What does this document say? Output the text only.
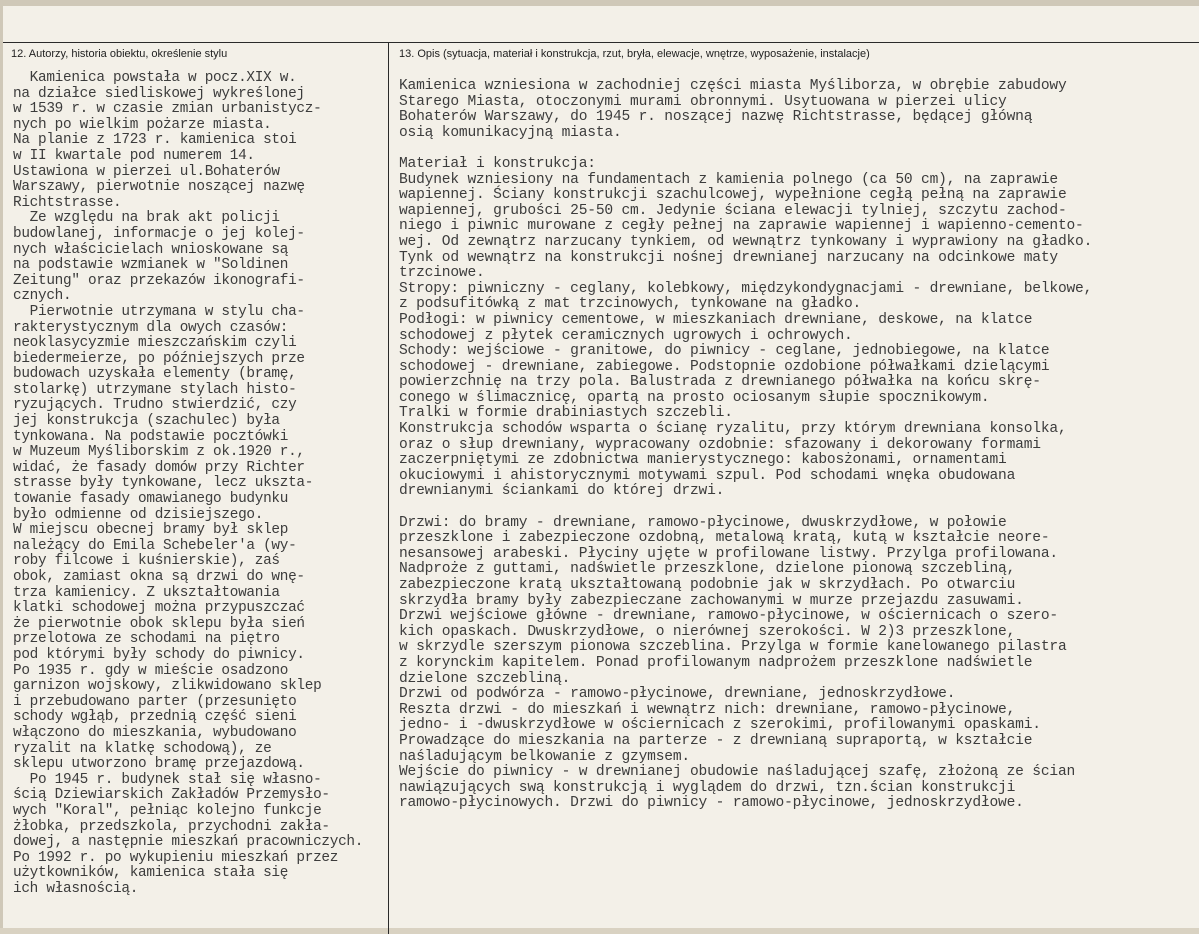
12. Autorzy, historia obiektu, określenie stylu	13. Opis (sytuacja, materiał i konstrukcja, rzut, bryła, elewacje, wnętrze, wyposażenie, instalacje)
Kamienica powstała w pocz.XIX w.
na działce siedliskowej wykreślonej
w 1539 r. w czasie zmian urbanistycz-
nych po wielkim pożarze miasta.
Na planie z 1723 r. kamienica stoi
w II kwartale pod numerem 14.
Ustawiona w pierzei ul.Bohaterów
Warszawy, pierwotnie noszącej nazwę
Richtstrasse.
Ze względu na brak akt policji
budowlanej, informacje o jej kolej-
nych właścicielach wnioskowane są
na podstawie wzmianek w "Soldinen
Zeitung" oraz przekazów ikonografi-
cznych.
Pierwotnie utrzymana w stylu cha-
rakterystycznym dla owych czasów:
neoklasycyzmie mieszczańskim czyli
biedermeierze, po późniejszych prze
budowach uzyskała elementy (bramę,
stolarkę) utrzymane stylach histo-
ryzujących. Trudno stwierdzić, czy
jej konstrukcja (szachulec) była
tynkowana. Na podstawie pocztówki
w Muzeum Myśliborskim z ok.1920 r.,
widać, że fasady domów przy Richter
strasse były tynkowane, lecz ukszta-
towanie fasady omawianego budynku
było odmienne od dzisiejszego.
W miejscu obecnej bramy był sklep
należący do Emila Schebeler'a (wy-
roby filcowe i kuśnierskie), zaś
obok, zamiast okna są drzwi do wnę-
trza kamienicy. Z ukształtowania
klatki schodowej można przypuszczać
że pierwotnie obok sklepu była sień
przelotowa ze schodami na piętro
pod którymi były schody do piwnicy.
Po 1935 r. gdy w mieście osadzono
garnizon wojskowy, zlikwidowano sklep
i przebudowano parter (przesunięto
schody wgłąb, przednią część sieni
włączono do mieszkania, wybudowano
ryzalit na klatkę schodową), ze
sklepu utworzono bramę przejazdową.
Po 1945 r. budynek stał się własno-
ścią Dziewiarskich Zakładów Przemysło-
wych "Koral", pełniąc kolejno funkcje
żłobka, przedszkola, przychodni zakła-
dowej, a następnie mieszkań pracowniczych.
Po 1992 r. po wykupieniu mieszkań przez
użytkowników, kamienica stała się
ich własnością.
Kamienica wzniesiona w zachodniej części miasta Myśliborza, w obrębie zabudowy
Starego Miasta, otoczonymi murami obronnymi. Usytuowana w pierzei ulicy
Bohaterów Warszawy, do 1945 r. noszącej nazwę Richtstrasse, będącej główną
osią komunikacyjną miasta.

Materiał i konstrukcja:
Budynek wzniesiony na fundamentach z kamienia polnego (ca 50 cm), na zaprawie
wapiennej. Ściany konstrukcji szachulcowej, wypełnione cegłą pełną na zaprawie
wapiennej, grubości 25-50 cm. Jedynie ściana elewacji tylniej, szczytu zachod-
niego i piwnic murowane z cegły pełnej na zaprawie wapiennej i wapienno-cemento-
wej. Od zewnątrz narzucany tynkiem, od wewnątrz tynkowany i wyprawiony na gładko.
Tynk od wewnątrz na konstrukcji nośnej drewnianej narzucany na odcinkowe maty
trzcinowe.
Stropy: piwniczny - ceglany, kolebkowy, międzykondygnacjami - drewniane, belkowe,
z podsufitówką z mat trzcinowych, tynkowane na gładko.
Podłogi: w piwnicy cementowe, w mieszkaniach drewniane, deskowe, na klatce
schodowej z płytek ceramicznych ugrowych i ochrowych.
Schody: wejściowe - granitowe, do piwnicy - ceglane, jednobiegowe, na klatce
schodowej - drewniane, zabiegowe. Podstopnie ozdobione półwałkami dzielącymi
powierzchnię na trzy pola. Balustrada z drewnianego półwałka na końcu skrę-
conego w ślimacznicę, opartą na prosto ociosanym słupie spocznikowym.
Tralki w formie drabiniastych szczebli.
Konstrukcja schodów wsparta o ścianę ryzalitu, przy którym drewniana konsolka,
oraz o słup drewniany, wypracowany ozdobnie: sfazowany i dekorowany formami
zaczerpniętymi ze zdobnictwa manierystycznego: kabosżonami, ornamentami
okuciowymi i ahistorycznymi motywami szpul. Pod schodami wnęka obudowana
drewnianymi ściankami do której drzwi.

Drzwi: do bramy - drewniane, ramowo-płycinowe, dwuskrzydłowe, w połowie
przeszklone i zabezpieczone ozdobną, metalową kratą, kutą w kształcie neore-
nesansowej arabeski. Płyciny ujęte w profilowane listwy. Przylga profilowana.
Nadproże z guttami, nadświetle przeszklone, dzielone pionową szczebliną,
zabezpieczone kratą ukształtowaną podobnie jak w skrzydłach. Po otwarciu
skrzydła bramy były zabezpieczane zachowanymi w murze przejazdu zasuwami.
Drzwi wejściowe główne - drewniane, ramowo-płycinowe, w ościernicach o szero-
kich opaskach. Dwuskrzydłowe, o nierównej szerokości. W 2)3 przeszklone,
w skrzydle szerszym pionowa szczeblina. Przylga w formie kanelowanego pilastra
z korynckim kapitelem. Ponad profilowanym nadprożem przeszklone nadświetle
dzielone szczebliną.
Drzwi od podwórza - ramowo-płycinowe, drewniane, jednoskrzydłowe.
Reszta drzwi - do mieszkań i wewnątrz nich: drewniane, ramowo-płycinowe,
jedno- i -dwuskrzydłowe w ościernicach z szerokimi, profilowanymi opaskami.
Prowadzące do mieszkania na parterze - z drewnianą supraportą, w kształcie
naśladującym belkowanie z gzymsem.
Wejście do piwnicy - w drewnianej obudowie naśladującej szafę, złożoną ze ścian
nawiązujących swą konstrukcją i wyglądem do drzwi, tzn.ścian konstrukcji
ramowo-płycinowych. Drzwi do piwnicy - ramowo-płycinowe, jednoskrzydłowe.
